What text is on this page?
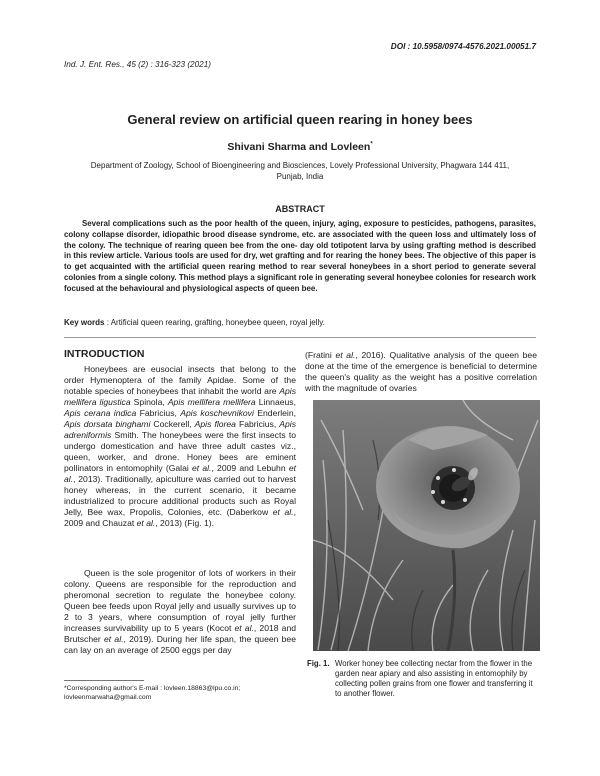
DOI : 10.5958/0974-4576.2021.00051.7
Ind. J. Ent. Res., 45 (2) : 316-323 (2021)
General review on artificial queen rearing in honey bees
Shivani Sharma and Lovleen*
Department of Zoology, School of Bioengineering and Biosciences, Lovely Professional University, Phagwara 144 411, Punjab, India
ABSTRACT
Several complications such as the poor health of the queen, injury, aging, exposure to pesticides, pathogens, parasites, colony collapse disorder, idiopathic brood disease syndrome, etc. are associated with the queen loss and ultimately loss of the colony. The technique of rearing queen bee from the one- day old totipotent larva by using grafting method is described in this review article. Various tools are used for dry, wet grafting and for rearing the honey bees. The objective of this paper is to get acquainted with the artificial queen rearing method to rear several honeybees in a short period to generate several colonies from a single colony. This method plays a significant role in generating several honeybee colonies for research work focused at the behavioural and physiological aspects of queen bee.
Key words : Artificial queen rearing, grafting, honeybee queen, royal jelly.
INTRODUCTION
Honeybees are eusocial insects that belong to the order Hymenoptera of the family Apidae. Some of the notable species of honeybees that inhabit the world are Apis mellifera ligustica Spinola, Apis mellifera mellifera Linnaeus, Apis cerana indica Fabricius, Apis koschevnikovi Enderlein, Apis dorsata binghami Cockerell, Apis florea Fabricius, Apis adreniformis Smith. The honeybees were the first insects to undergo domestication and have three adult castes viz., queen, worker, and drone. Honey bees are eminent pollinators in entomophily (Galai et al., 2009 and Lebuhn et al., 2013). Traditionally, apiculture was carried out to harvest honey whereas, in the current scenario, it became industrialized to procure additional products such as Royal Jelly, Bee wax, Propolis, Colonies, etc. (Daberkow et al., 2009 and Chauzat et al., 2013) (Fig. 1).
Queen is the sole progenitor of lots of workers in their colony. Queens are responsible for the reproduction and pheromonal secretion to regulate the honeybee colony. Queen bee feeds upon Royal jelly and usually survives up to 2 to 3 years, where consumption of royal jelly further increases survivability up to 5 years (Kocot et al., 2018 and Brutscher et al., 2019). During her life span, the queen bee can lay on an average of 2500 eggs per day
(Fratini et al., 2016). Qualitative analysis of the queen bee done at the time of the emergence is beneficial to determine the queen's quality as the weight has a positive correlation with the magnitude of ovaries
*Corresponding author's E-mail : lovleen.18863@lpu.co.in; lovleenmarwaha@gmail.com
Fig. 1. Worker honey bee collecting nectar from the flower in the garden near apiary and also assisting in entomophily by collecting pollen grains from one flower and transferring it to another flower.
